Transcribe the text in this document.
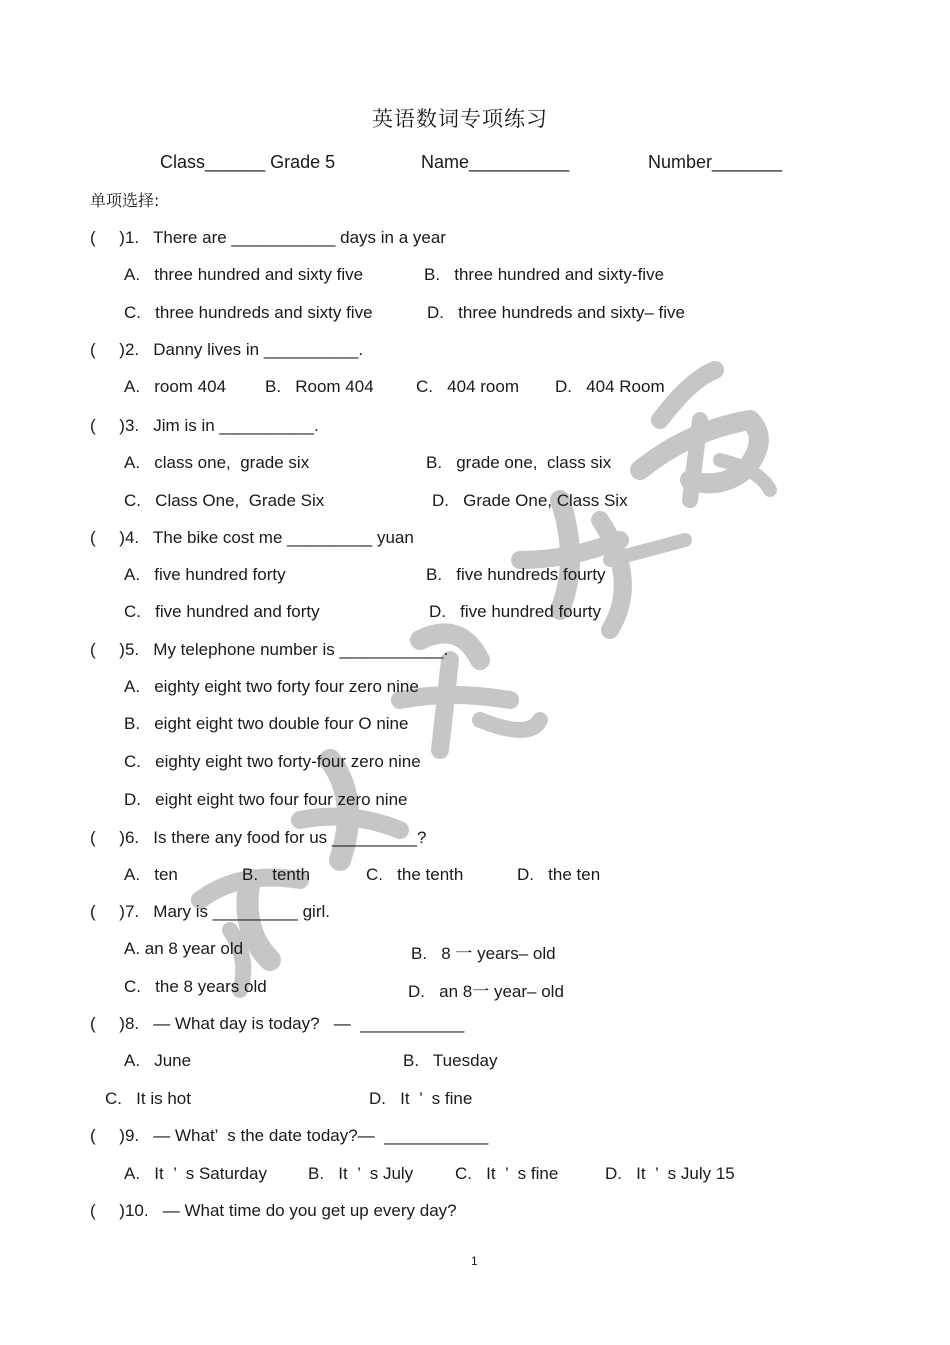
英语数词专项练习
Class______ Grade 5	Name__________	Number_______
单项选择:
(     )1.   There are ___________ days in a year
A.   three hundred and sixty five	B.   three hundred and sixty-five
C.   three hundreds and sixty five	D.   three hundreds and sixty– five
(     )2.   Danny lives in __________.
A.   room 404 B.   Room 404 C.   404 room D.   404 Room
(     )3.   Jim is in __________.
A.   class one,  grade six	B.   grade one,  class six
C.   Class One,  Grade Six	D.   Grade One, Class Six
(     )4.   The bike cost me _________ yuan
A.   five hundred forty	B.   five hundreds fourty
C.   five hundred and forty	D.   five hundred fourty
(     )5.   My telephone number is ___________.
A.   eighty eight two forty four zero nine
B.   eight eight two double four O nine
C.   eighty eight two forty-four zero nine
D.   eight eight two four four zero nine
(     )6.   Is there any food for us _________?
A.   ten	B.   tenth	C.   the tenth	D.   the ten
(     )7.   Mary is _________ girl.
A. an 8 year old	B.   8 一 years– old
C.   the 8 years old	D.   an 8一 year– old
(     )8.   — What day is today?   —  ___________
A.   June	B.   Tuesday
C.   It is hot	D.   It  ’  s fine
(     )9.   — What’  s the date today?—  ___________
A.   It  ’  s Saturday B.   It  ’  s July C.   It  ’  s fine	D.   It  ’  s July 15
(     )10.   — What time do you get up every day?
1
